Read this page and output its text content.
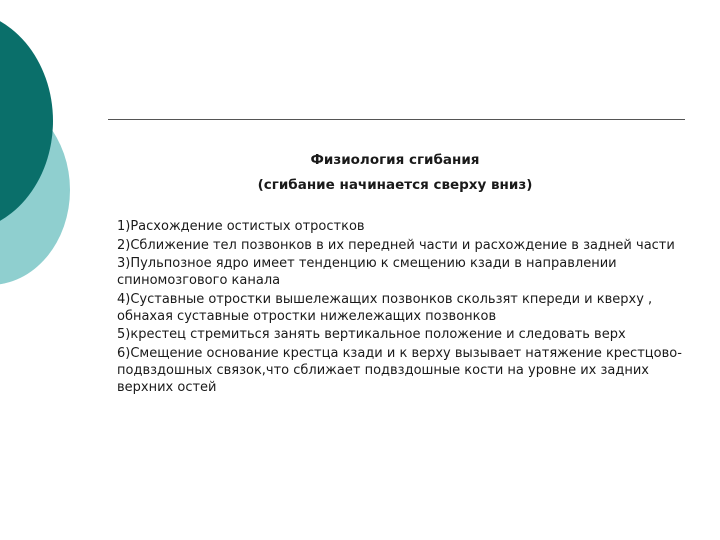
Физиология сгибания
(сгибание начинается сверху вниз)

1)Расхождение остистых отростков

2)Сближение тел позвонков в их передней части и расхождение в задней части

3)Пульпозное ядро имеет тенденцию к смещению кзади в направлении спиномозгового канала

4)Суставные отростки вышележащих позвонков скользят кпереди и кверху , обнахая суставные отростки нижележащих позвонков

5)крестец стремиться занять вертикальное положение и следовать верх

6)Смещение основание крестца кзади и к верху вызывает натяжение крестцово-подвздошных связок,что сближает подвздошные кости на уровне их задних верхних остей
